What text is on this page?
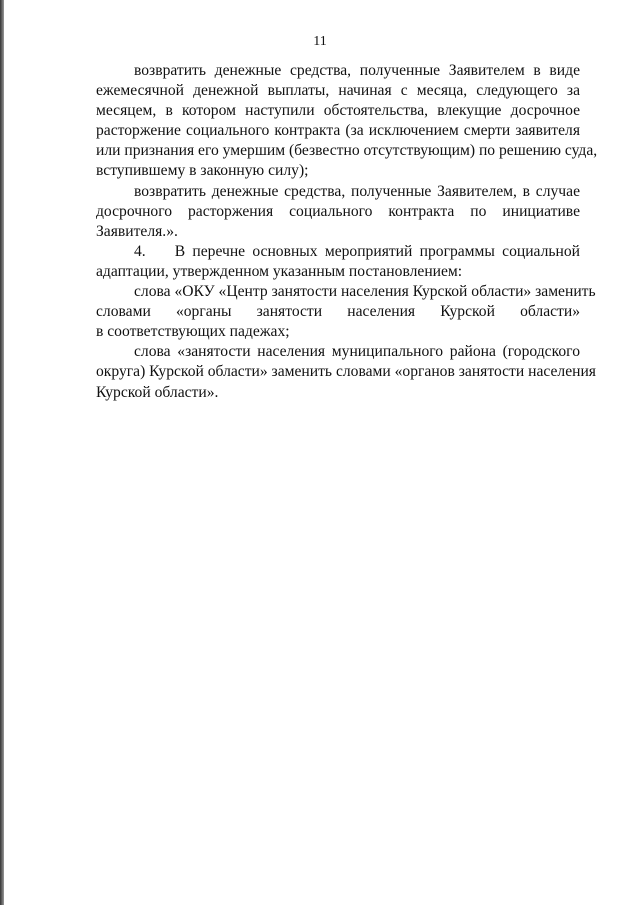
11
возвратить денежные средства, полученные Заявителем в виде
ежемесячной денежной выплаты, начиная с месяца, следующего за
месяцем, в котором наступили обстоятельства, влекущие досрочное
расторжение социального контракта (за исключением смерти заявителя
или признания его умершим (безвестно отсутствующим) по решению суда,
вступившему в законную силу);
возвратить денежные средства, полученные Заявителем, в случае
досрочного расторжения социального контракта по инициативе
Заявителя.».
4.    В перечне основных мероприятий программы социальной
адаптации, утвержденном указанным постановлением:
слова «ОКУ «Центр занятости населения Курской области» заменить
словами «органы занятости населения Курской области»
в соответствующих падежах;
слова «занятости населения муниципального района (городского
округа) Курской области» заменить словами «органов занятости населения
Курской области».
